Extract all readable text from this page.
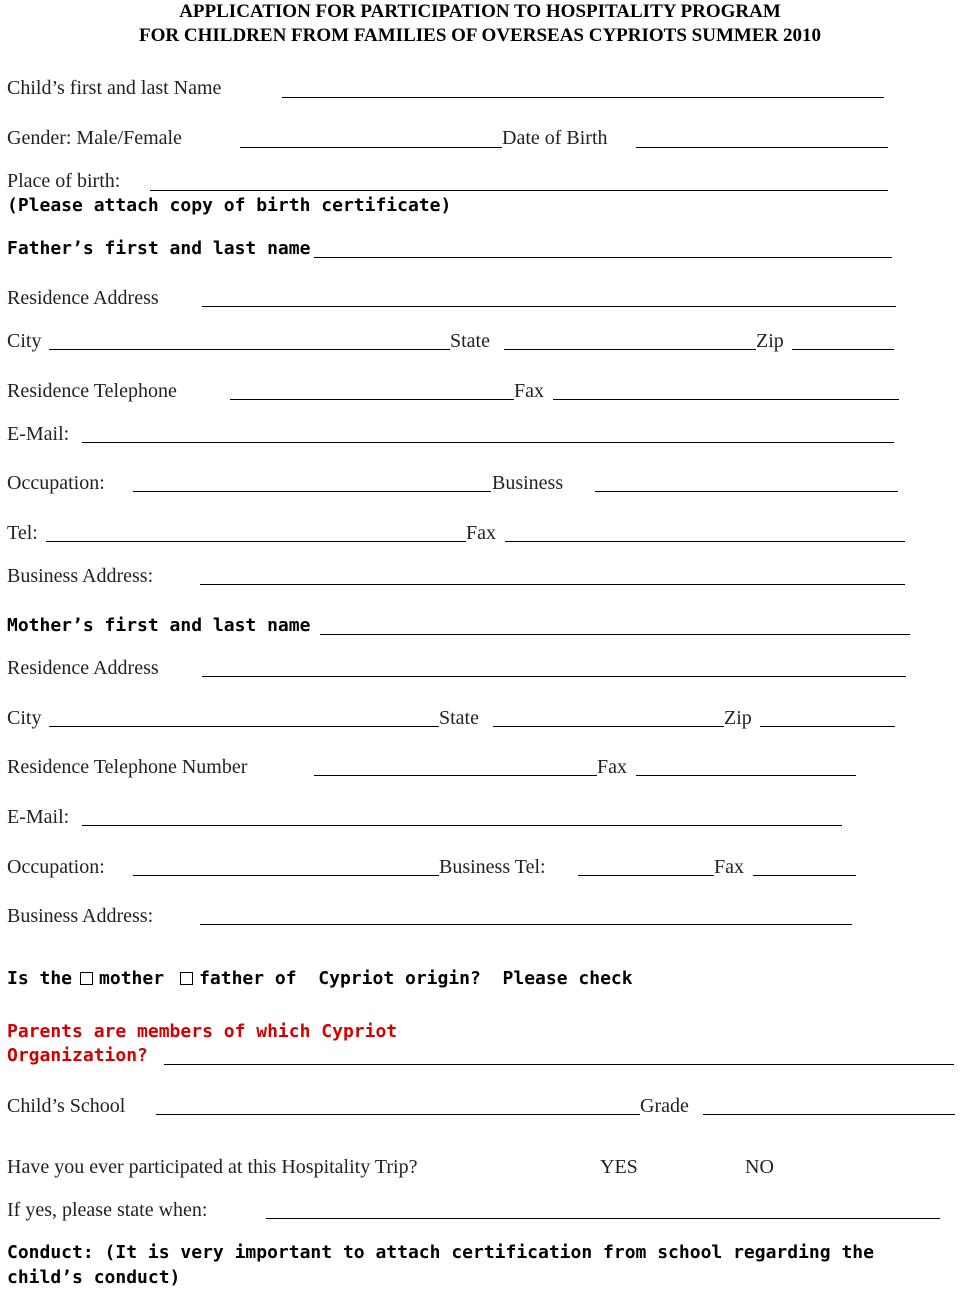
APPLICATION FOR PARTICIPATION TO HOSPITALITY PROGRAM
FOR CHILDREN FROM FAMILIES OF OVERSEAS CYPRIOTS SUMMER 2010
Child’s first and last Name
Gender: Male/Female	Date of Birth
Place of birth:
(Please attach copy of birth certificate)
Father’s first and last name
Residence Address
City	State	Zip
Residence Telephone	Fax
E-Mail:
Occupation:	Business
Tel:	Fax
Business Address:
Mother’s first and last name
Residence Address
City	State	Zip
Residence Telephone Number	Fax
E-Mail:
Occupation:	Business Tel:	Fax
Business Address:
Is the mother father of Cypriot origin? Please check
Parents are members of which Cypriot
Organization?
Child’s School	Grade
Have you ever participated at this Hospitality Trip?	YES	NO
If yes, please state when:
Conduct: (It is very important to attach certification from school regarding the
child’s conduct)
